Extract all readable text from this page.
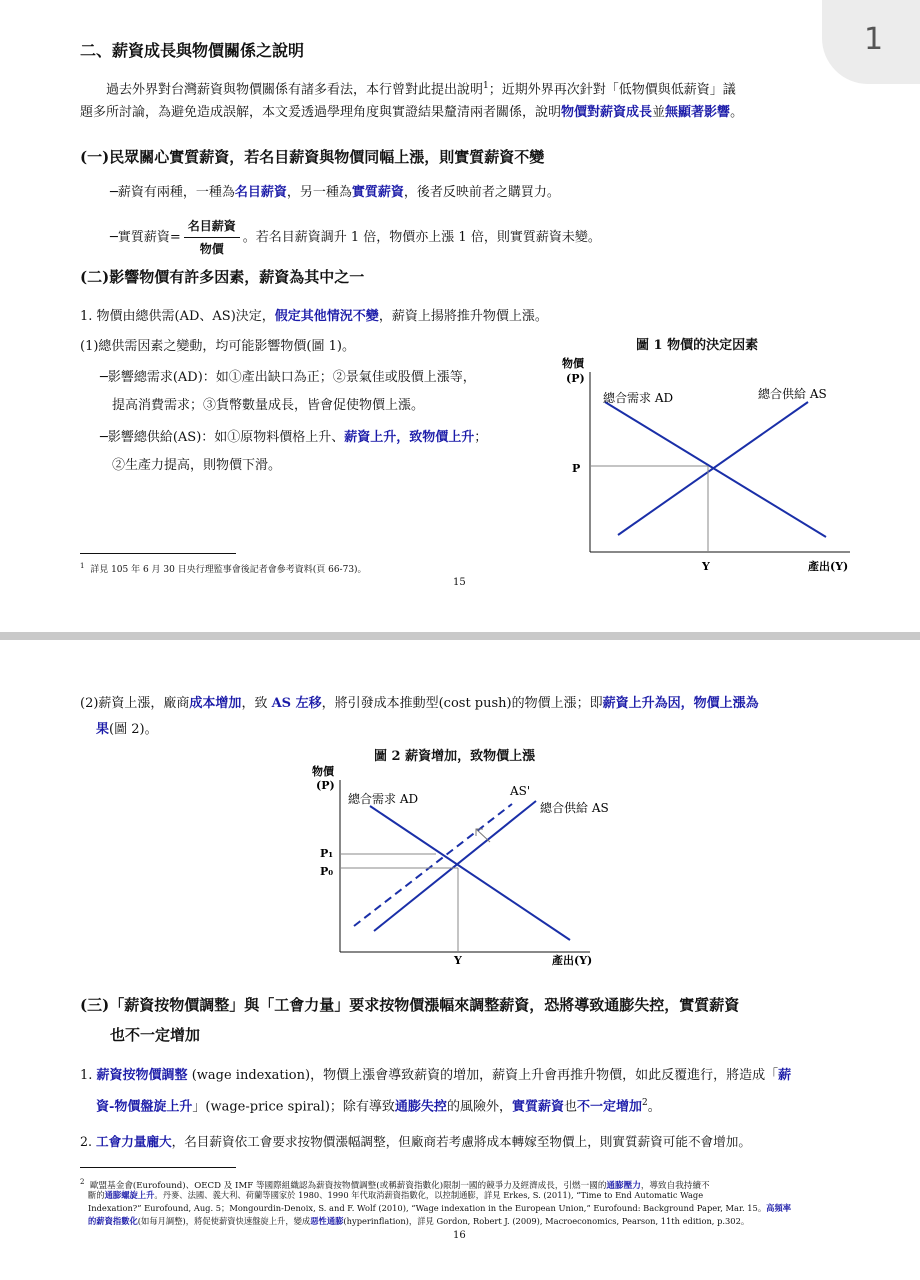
1
二、薪資成長與物價關係之說明
過去外界對台灣薪資與物價關係有諸多看法，本行曾對此提出說明$^1$；近期外界再次針對「低物價與低薪資」議
題多所討論，為避免造成誤解，本文爰透過學理角度與實證結果釐清兩者關係，說明物價對薪資成長並無顯著影響。
(一)民眾關心實質薪資，若名目薪資與物價同幅上漲，則實質薪資不變
─薪資有兩種，一種為名目薪資，另一種為實質薪資，後者反映前者之購買力。
─實質薪資= $\frac{\text{名目薪資}}{\text{物價}}$ 。若名目薪資調升 1 倍，物價亦上漲 1 倍，則實質薪資未變。
(二)影響物價有許多因素，薪資為其中之一
1. 物價由總供需(AD、AS)決定，假定其他情況不變，薪資上揚將推升物價上漲。
(1)總供需因素之變動，均可能影響物價(圖 1)。
─影響總需求(AD)：如①產出缺口為正；②景氣佳或股價上漲等，
提高消費需求；③貨幣數量成長，皆會促使物價上漲。
─影響總供給(AS)：如①原物料價格上升、薪資上升，致物價上升；
②生產力提高，則物價下滑。
圖 1 物價的決定因素
物價
(P)
總合需求 AD	總合供給 AS
P
Y	產出(Y)
$^1$ 詳見 105 年 6 月 30 日央行理監事會後記者會參考資料(頁 66-73)。
15
(2)薪資上漲，廠商成本增加，致 AS 左移，將引發成本推動型(cost push)的物價上漲；即薪資上升為因，物價上漲為
果(圖 2)。
圖 2 薪資增加，致物價上漲
物價
(P)
總合需求 AD
AS'
總合供給 AS
P₁
P₀
Y	產出(Y)
(三)「薪資按物價調整」與「工會力量」要求按物價漲幅來調整薪資，恐將導致通膨失控，實質薪資
也不一定增加
1. 薪資按物價調整 (wage indexation)，物價上漲會導致薪資的增加，薪資上升會再推升物價，如此反覆進行，將造成「薪
資-物價盤旋上升」(wage-price spiral)；除有導致通膨失控的風險外，實質薪資也不一定增加$^2$。
2. 工會力量龐大，名目薪資依工會要求按物價漲幅調整，但廠商若考慮將成本轉嫁至物價上，則實質薪資可能不會增加。
$^2$ 歐盟基金會(Eurofound)、OECD 及 IMF 等國際組織認為薪資按物價調整(或稱薪資指數化)限制一國的競爭力及經濟成長，引燃一國的通膨壓力，導致自我持續不
斷的通膨螺旋上升。丹麥、法國、義大利、荷蘭等國家於 1980、1990 年代取消薪資指數化，以控制通膨，詳見 Erkes, S. (2011), “Time to End Automatic Wage
Indexation?” Eurofound, Aug. 5；Mongourdin-Denoix, S. and F. Wolf (2010), “Wage indexation in the European Union,” Eurofound: Background Paper, Mar. 15。高頻率
的薪資指數化(如每月調整)，將促使薪資快速盤旋上升，變成惡性通膨(hyperinflation)，詳見 Gordon, Robert J. (2009), Macroeconomics, Pearson, 11th edition, p.302。
16
